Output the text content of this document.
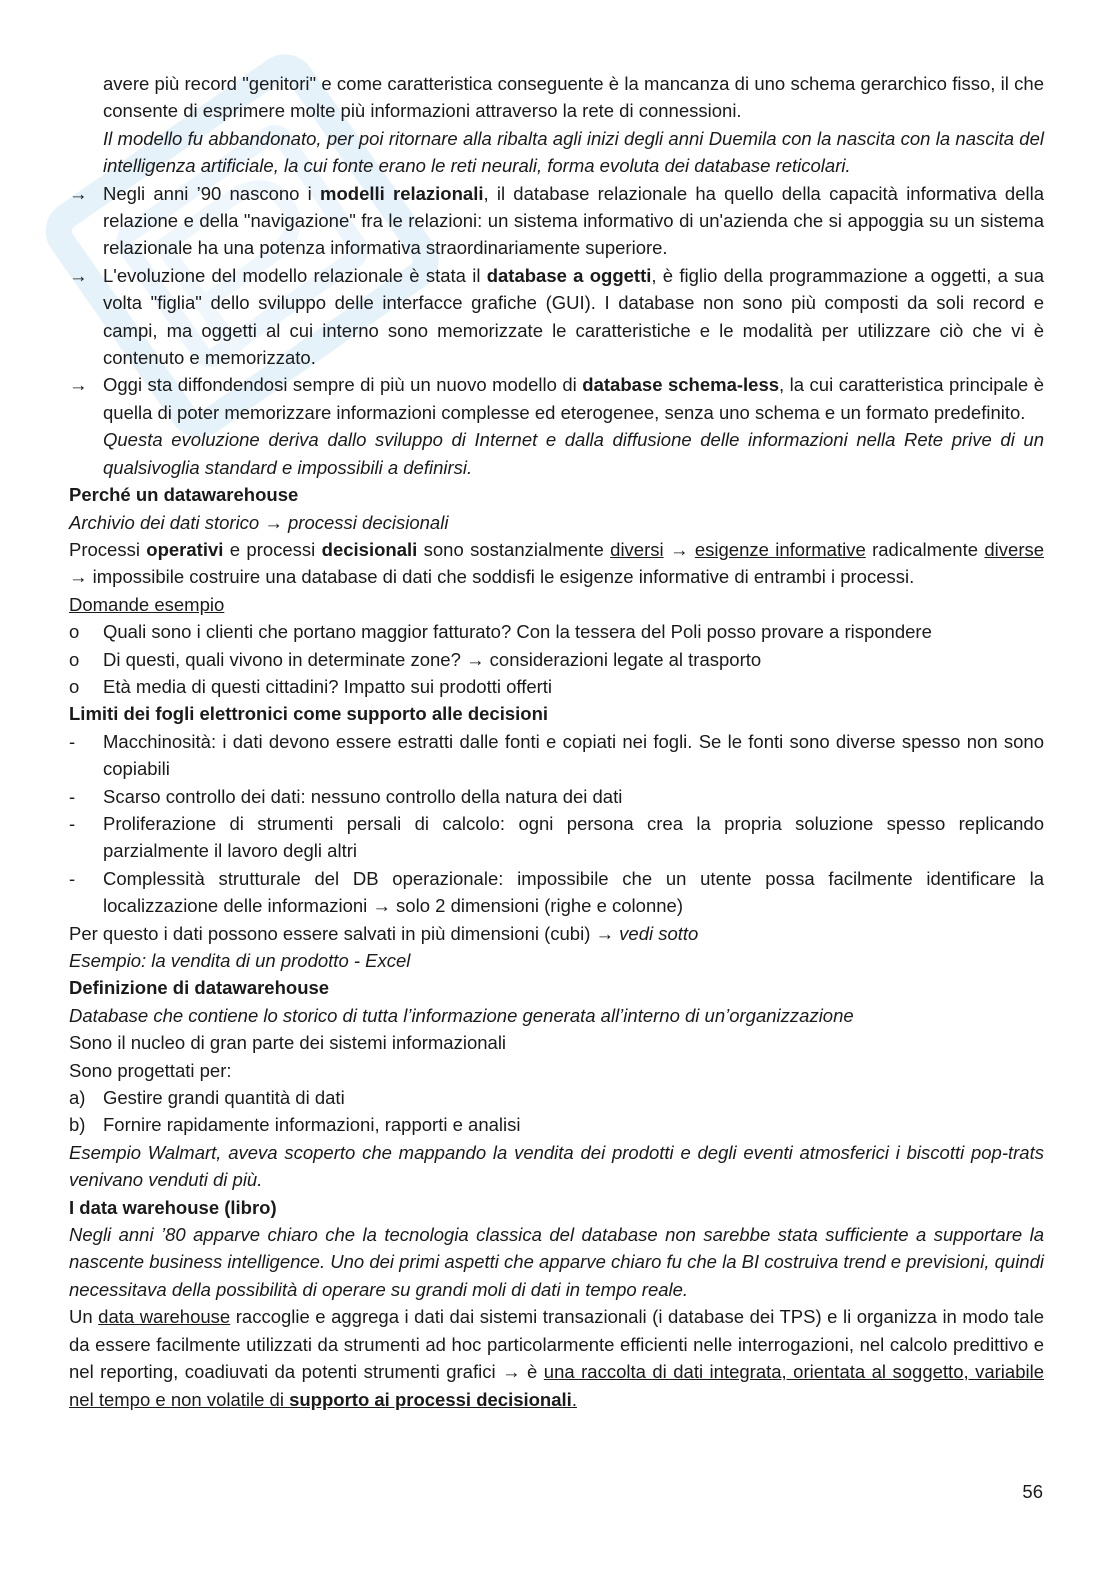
avere più record "genitori" e come caratteristica conseguente è la mancanza di uno schema gerarchico fisso, il che consente di esprimere molte più informazioni attraverso la rete di connessioni.

Il modello fu abbandonato, per poi ritornare alla ribalta agli inizi degli anni Duemila con la nascita con la nascita del intelligenza artificiale, la cui fonte erano le reti neurali, forma evoluta dei database reticolari.

→ Negli anni ’90 nascono i modelli relazionali, il database relazionale ha quello della capacità informativa della relazione e della "navigazione" fra le relazioni: un sistema informativo di un'azienda che si appoggia su un sistema relazionale ha una potenza informativa straordinariamente superiore.
→ L'evoluzione del modello relazionale è stata il database a oggetti, è figlio della programmazione a oggetti, a sua volta "figlia" dello sviluppo delle interfacce grafiche (GUI). I database non sono più composti da soli record e campi, ma oggetti al cui interno sono memorizzate le caratteristiche e le modalità per utilizzare ciò che vi è contenuto e memorizzato.
→ Oggi sta diffondendosi sempre di più un nuovo modello di database schema-less, la cui caratteristica principale è quella di poter memorizzare informazioni complesse ed eterogenee, senza uno schema e un formato predefinito.

Questa evoluzione deriva dallo sviluppo di Internet e dalla diffusione delle informazioni nella Rete prive di un qualsivoglia standard e impossibili a definirsi.

Perché un datawarehouse

Archivio dei dati storico → processi decisionali

Processi operativi e processi decisionali sono sostanzialmente diversi → esigenze informative radicalmente diverse → impossibile costruire una database di dati che soddisfi le esigenze informative di entrambi i processi.

Domande esempio

o	Quali sono i clienti che portano maggior fatturato? Con la tessera del Poli posso provare a rispondere
o	Di questi, quali vivono in determinate zone? → considerazioni legate al trasporto
o	Età media di questi cittadini? Impatto sui prodotti offerti

Limiti dei fogli elettronici come supporto alle decisioni

-	Macchinosità: i dati devono essere estratti dalle fonti e copiati nei fogli. Se le fonti sono diverse spesso non sono copiabili
-	Scarso controllo dei dati: nessuno controllo della natura dei dati
-	Proliferazione di strumenti persali di calcolo: ogni persona crea la propria soluzione spesso replicando parzialmente il lavoro degli altri
-	Complessità strutturale del DB operazionale: impossibile che un utente possa facilmente identificare la localizzazione delle informazioni → solo 2 dimensioni (righe e colonne)

Per questo i dati possono essere salvati in più dimensioni (cubi) → vedi sotto

Esempio: la vendita di un prodotto - Excel

Definizione di datawarehouse

Database che contiene lo storico di tutta l’informazione generata all’interno di un’organizzazione

Sono il nucleo di gran parte dei sistemi informazionali

Sono progettati per:

a) Gestire grandi quantità di dati
b) Fornire rapidamente informazioni, rapporti e analisi

Esempio Walmart, aveva scoperto che mappando la vendita dei prodotti e degli eventi atmosferici i biscotti pop-trats venivano venduti di più.

I data warehouse (libro)

Negli anni ’80 apparve chiaro che la tecnologia classica del database non sarebbe stata sufficiente a supportare la nascente business intelligence. Uno dei primi aspetti che apparve chiaro fu che la BI costruiva trend e previsioni, quindi necessitava della possibilità di operare su grandi moli di dati in tempo reale.

Un data warehouse raccoglie e aggrega i dati dai sistemi transazionali (i database dei TPS) e li organizza in modo tale da essere facilmente utilizzati da strumenti ad hoc particolarmente efficienti nelle interrogazioni, nel calcolo predittivo e nel reporting, coadiuvati da potenti strumenti grafici → è una raccolta di dati integrata, orientata al soggetto, variabile nel tempo e non volatile di supporto ai processi decisionali.

56
